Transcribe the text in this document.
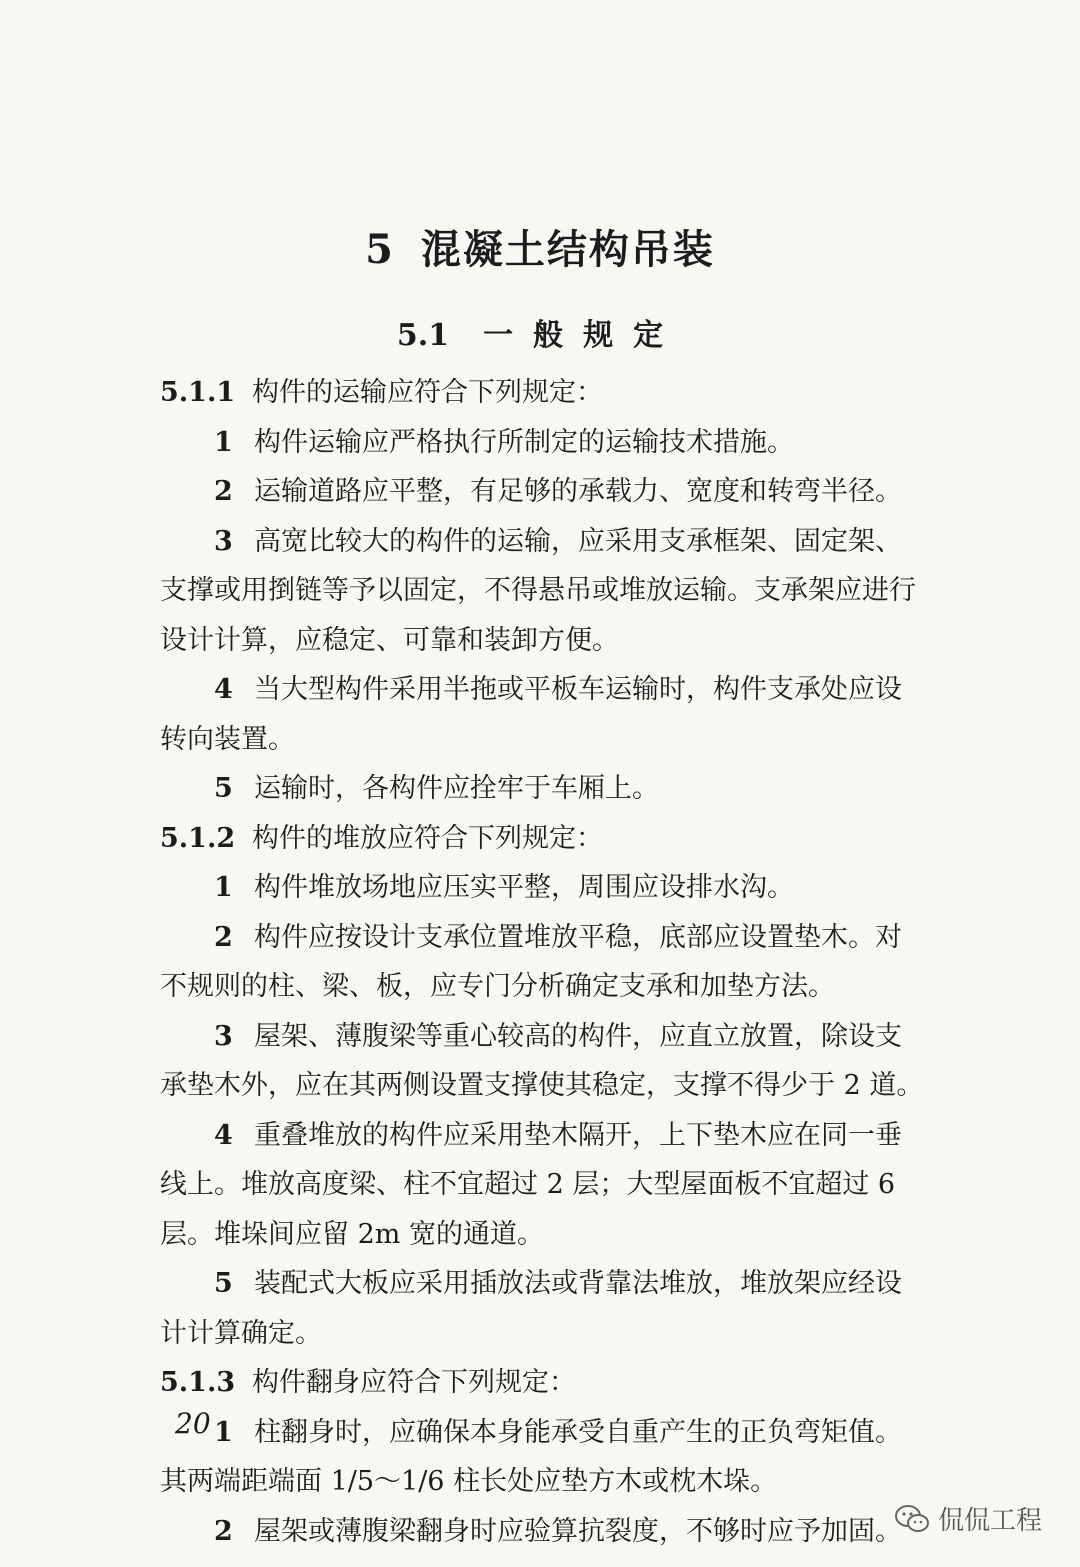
5 混凝土结构吊装
5.1 一般规定
5.1.1 构件的运输应符合下列规定：
1 构件运输应严格执行所制定的运输技术措施。
2 运输道路应平整，有足够的承载力、宽度和转弯半径。
3 高宽比较大的构件的运输，应采用支承框架、固定架、
支撑或用捯链等予以固定，不得悬吊或堆放运输。支承架应进行
设计计算，应稳定、可靠和装卸方便。
4 当大型构件采用半拖或平板车运输时，构件支承处应设
转向装置。
5 运输时，各构件应拴牢于车厢上。
5.1.2 构件的堆放应符合下列规定：
1 构件堆放场地应压实平整，周围应设排水沟。
2 构件应按设计支承位置堆放平稳，底部应设置垫木。对
不规则的柱、梁、板，应专门分析确定支承和加垫方法。
3 屋架、薄腹梁等重心较高的构件，应直立放置，除设支
承垫木外，应在其两侧设置支撑使其稳定，支撑不得少于 2 道。
4 重叠堆放的构件应采用垫木隔开，上下垫木应在同一垂
线上。堆放高度梁、柱不宜超过 2 层；大型屋面板不宜超过 6
层。堆垛间应留 2m 宽的通道。
5 装配式大板应采用插放法或背靠法堆放，堆放架应经设
计计算确定。
5.1.3 构件翻身应符合下列规定：
1 柱翻身时，应确保本身能承受自重产生的正负弯矩值。
其两端距端面 1/5～1/6 柱长处应垫方木或枕木垛。
2 屋架或薄腹梁翻身时应验算抗裂度，不够时应予加固。
20
侃侃工程
